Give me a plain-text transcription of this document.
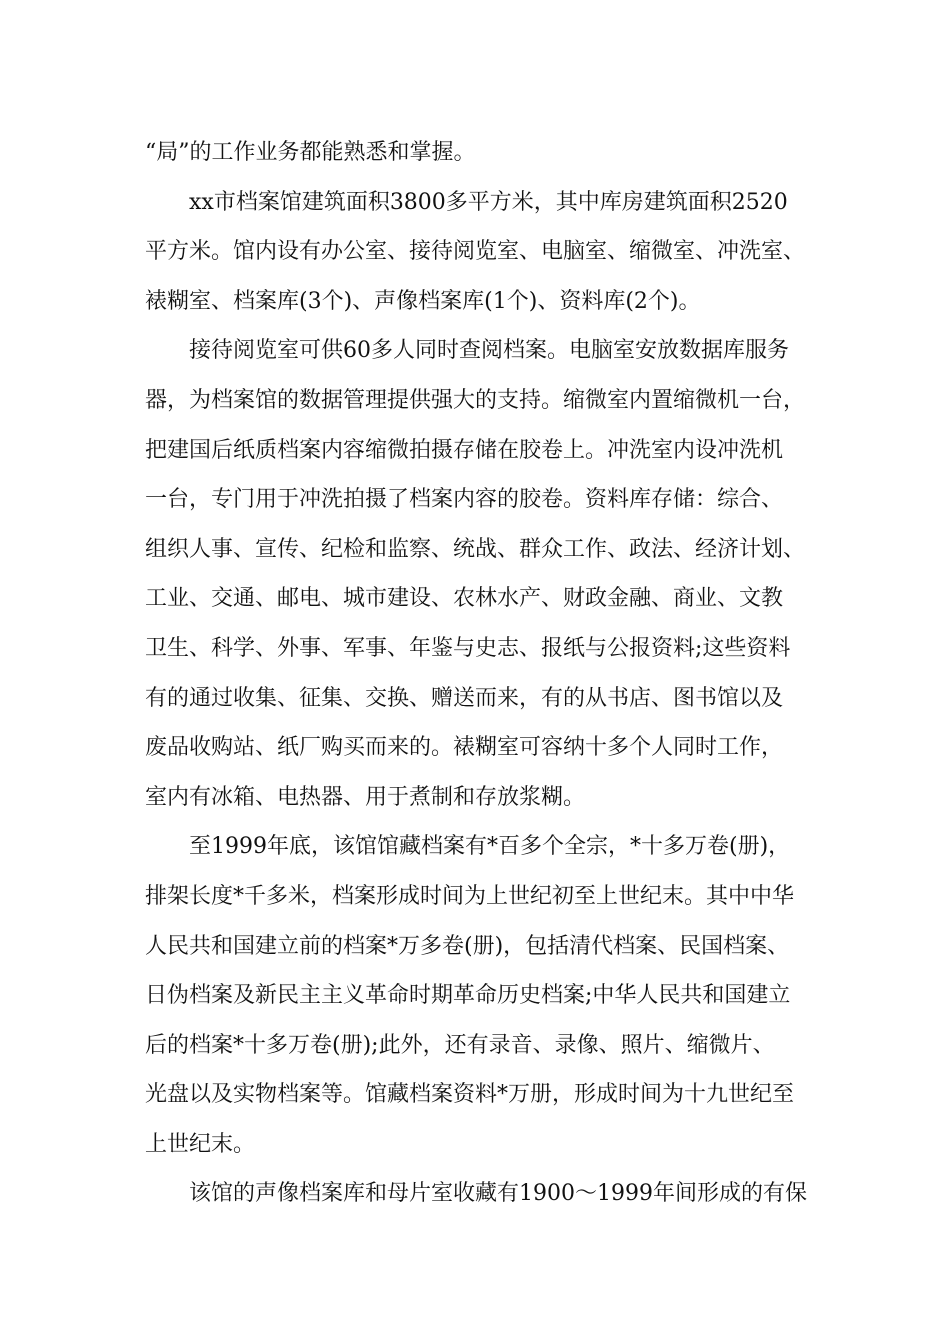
“局”的工作业务都能熟悉和掌握。

xx市档案馆建筑面积3800多平方米，其中库房建筑面积2520
平方米。馆内设有办公室、接待阅览室、电脑室、缩微室、冲洗室、
裱糊室、档案库(3个)、声像档案库(1个)、资料库(2个)。

接待阅览室可供60多人同时查阅档案。电脑室安放数据库服务
器，为档案馆的数据管理提供强大的支持。缩微室内置缩微机一台，
把建国后纸质档案内容缩微拍摄存储在胶卷上。冲洗室内设冲洗机
一台，专门用于冲洗拍摄了档案内容的胶卷。资料库存储：综合、
组织人事、宣传、纪检和监察、统战、群众工作、政法、经济计划、
工业、交通、邮电、城市建设、农林水产、财政金融、商业、文教
卫生、科学、外事、军事、年鉴与史志、报纸与公报资料;这些资料
有的通过收集、征集、交换、赠送而来，有的从书店、图书馆以及
废品收购站、纸厂购买而来的。裱糊室可容纳十多个人同时工作，
室内有冰箱、电热器、用于煮制和存放浆糊。

至1999年底，该馆馆藏档案有*百多个全宗，*十多万卷(册)，
排架长度*千多米，档案形成时间为上世纪初至上世纪末。其中中华
人民共和国建立前的档案*万多卷(册)，包括清代档案、民国档案、
日伪档案及新民主主义革命时期革命历史档案;中华人民共和国建立
后的档案*十多万卷(册);此外，还有录音、录像、照片、缩微片、
光盘以及实物档案等。馆藏档案资料*万册，形成时间为十九世纪至
上世纪末。

该馆的声像档案库和母片室收藏有1900～1999年间形成的有保
